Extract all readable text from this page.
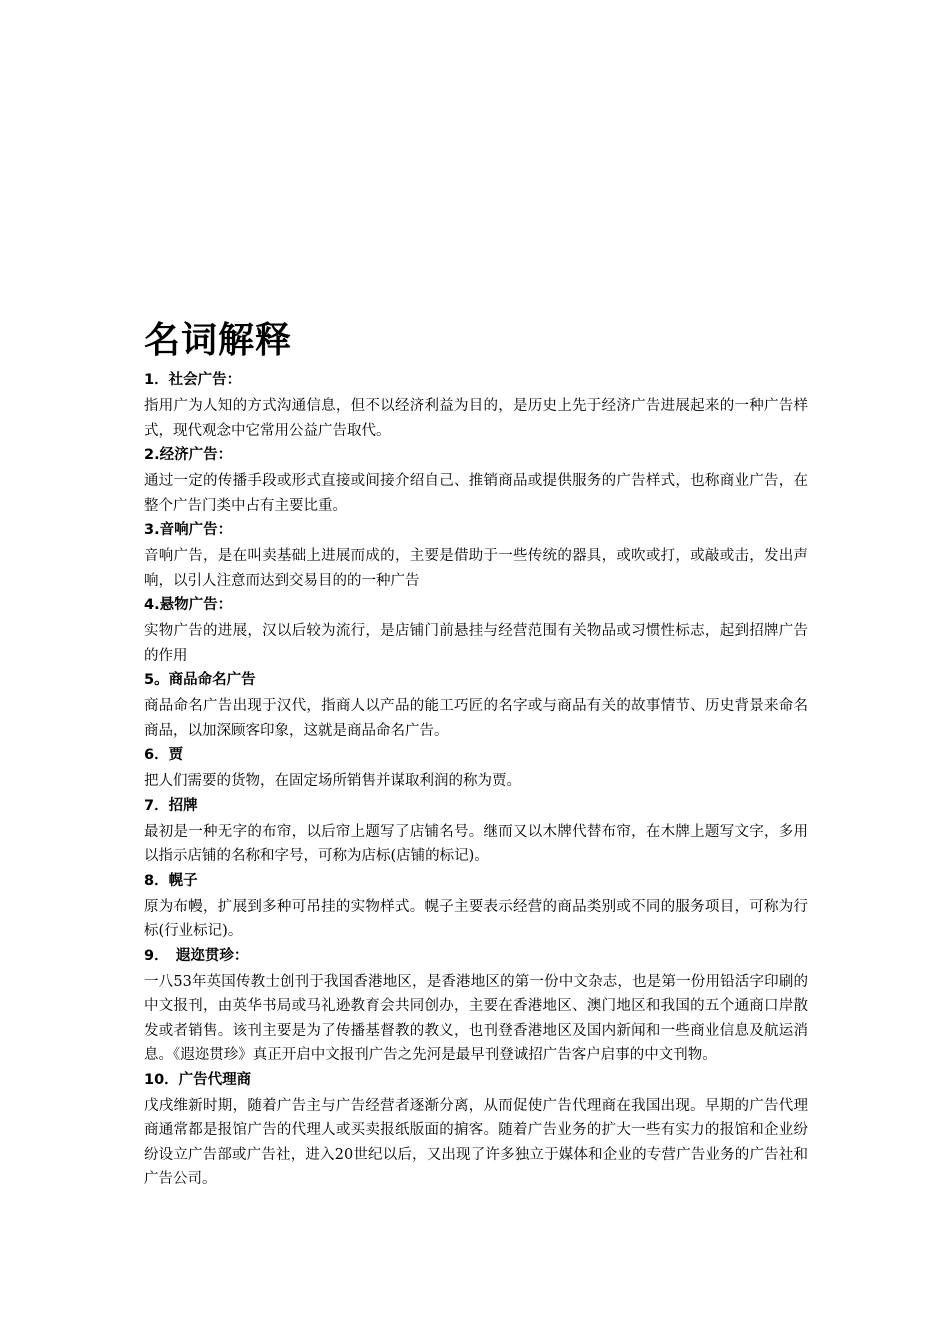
名词解释

1．社会广告：

指用广为人知的方式沟通信息，但不以经济利益为目的，是历史上先于经济广告进展起来的一种广告样式，现代观念中它常用公益广告取代。

2.经济广告：

通过一定的传播手段或形式直接或间接介绍自己、推销商品或提供服务的广告样式，也称商业广告，在整个广告门类中占有主要比重。

3.音响广告：

音响广告，是在叫卖基础上进展而成的，主要是借助于一些传统的器具，或吹或打，或敲或击，发出声响，以引人注意而达到交易目的的一种广告

4.悬物广告：

实物广告的进展，汉以后较为流行，是店铺门前悬挂与经营范围有关物品或习惯性标志，起到招牌广告的作用

5。商品命名广告

商品命名广告出现于汉代，指商人以产品的能工巧匠的名字或与商品有关的故事情节、历史背景来命名商品，以加深顾客印象，这就是商品命名广告。

6．贾

把人们需要的货物，在固定场所销售并谋取利润的称为贾。

7．招牌

最初是一种无字的布帘，以后帘上题写了店铺名号。继而又以木牌代替布帘，在木牌上题写文字，多用以指示店铺的名称和字号，可称为店标(店铺的标记)。

8．幌子

原为布幔，扩展到多种可吊挂的实物样式。幌子主要表示经营的商品类别或不同的服务项目，可称为行标(行业标记)。

9．　遐迩贯珍：

一八53年英国传教士创刊于我国香港地区，是香港地区的第一份中文杂志，也是第一份用铅活字印刷的中文报刊，由英华书局或马礼逊教育会共同创办，主要在香港地区、澳门地区和我国的五个通商口岸散发或者销售。该刊主要是为了传播基督教的教义，也刊登香港地区及国内新闻和一些商业信息及航运消息。《遐迩贯珍》真正开启中文报刊广告之先河是最早刊登诚招广告客户启事的中文刊物。

10．广告代理商

戊戌维新时期，随着广告主与广告经营者逐渐分离，从而促使广告代理商在我国出现。早期的广告代理商通常都是报馆广告的代理人或买卖报纸版面的掮客。随着广告业务的扩大一些有实力的报馆和企业纷纷设立广告部或广告社，进入20世纪以后，又出现了许多独立于媒体和企业的专营广告业务的广告社和广告公司。
